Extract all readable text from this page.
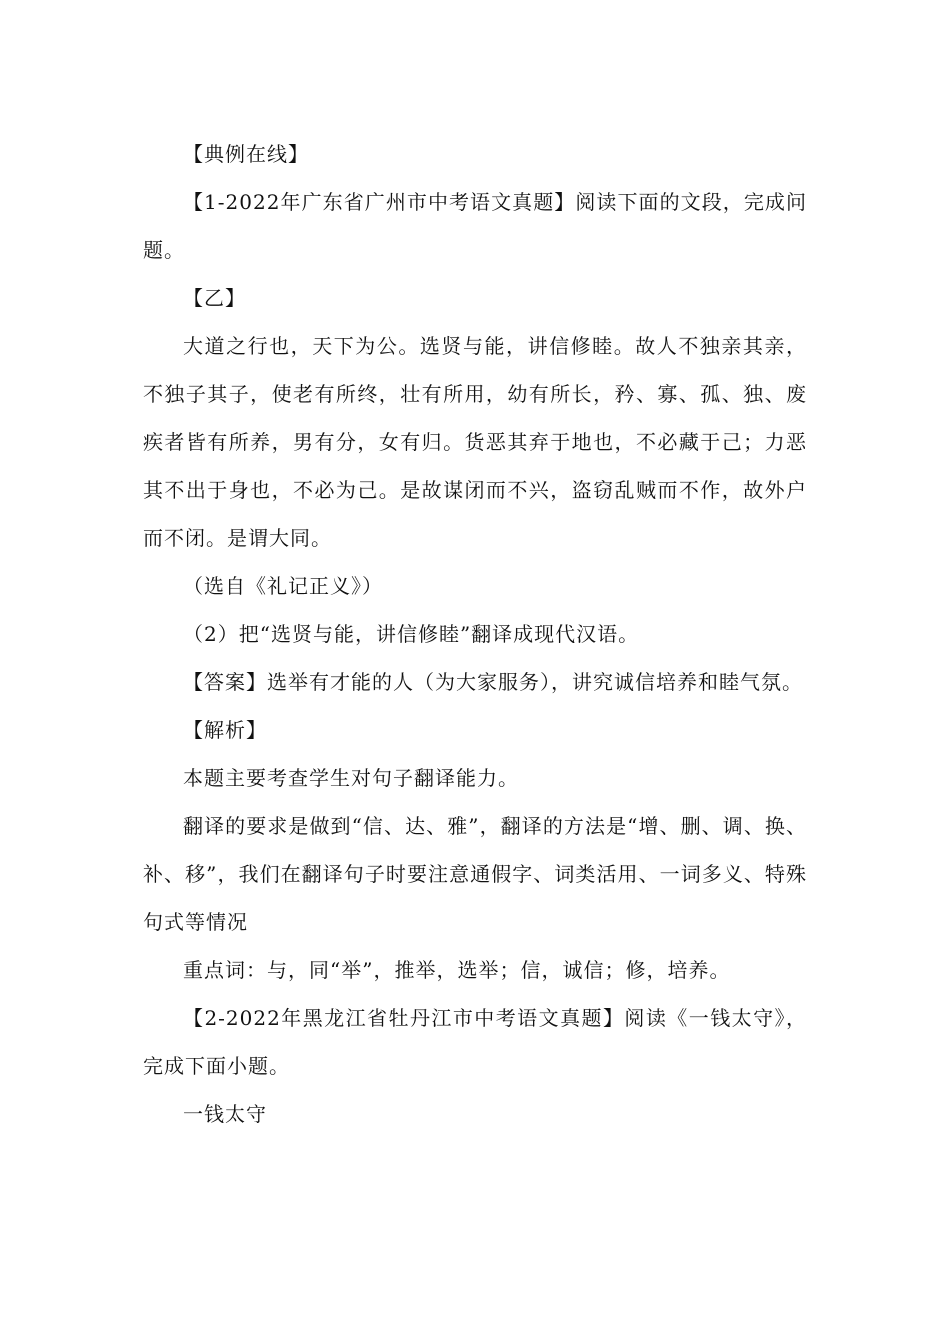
【典例在线】

【1-2022年广东省广州市中考语文真题】阅读下面的文段，完成问题。

【乙】

大道之行也，天下为公。选贤与能，讲信修睦。故人不独亲其亲，不独子其子，使老有所终，壮有所用，幼有所长，矜、寡、孤、独、废疾者皆有所养，男有分，女有归。货恶其弃于地也，不必藏于己；力恶其不出于身也，不必为己。是故谋闭而不兴，盗窃乱贼而不作，故外户而不闭。是谓大同。

（选自《礼记正义》）

（2）把“选贤与能，讲信修睦”翻译成现代汉语。

【答案】选举有才能的人（为大家服务），讲究诚信培养和睦气氛。

【解析】

本题主要考查学生对句子翻译能力。

翻译的要求是做到“信、达、雅”，翻译的方法是“增、删、调、换、补、移”，我们在翻译句子时要注意通假字、词类活用、一词多义、特殊句式等情况

重点词：与，同“举”，推举，选举；信，诚信；修，培养。

【2-2022年黑龙江省牡丹江市中考语文真题】阅读《一钱太守》，完成下面小题。

一钱太守
